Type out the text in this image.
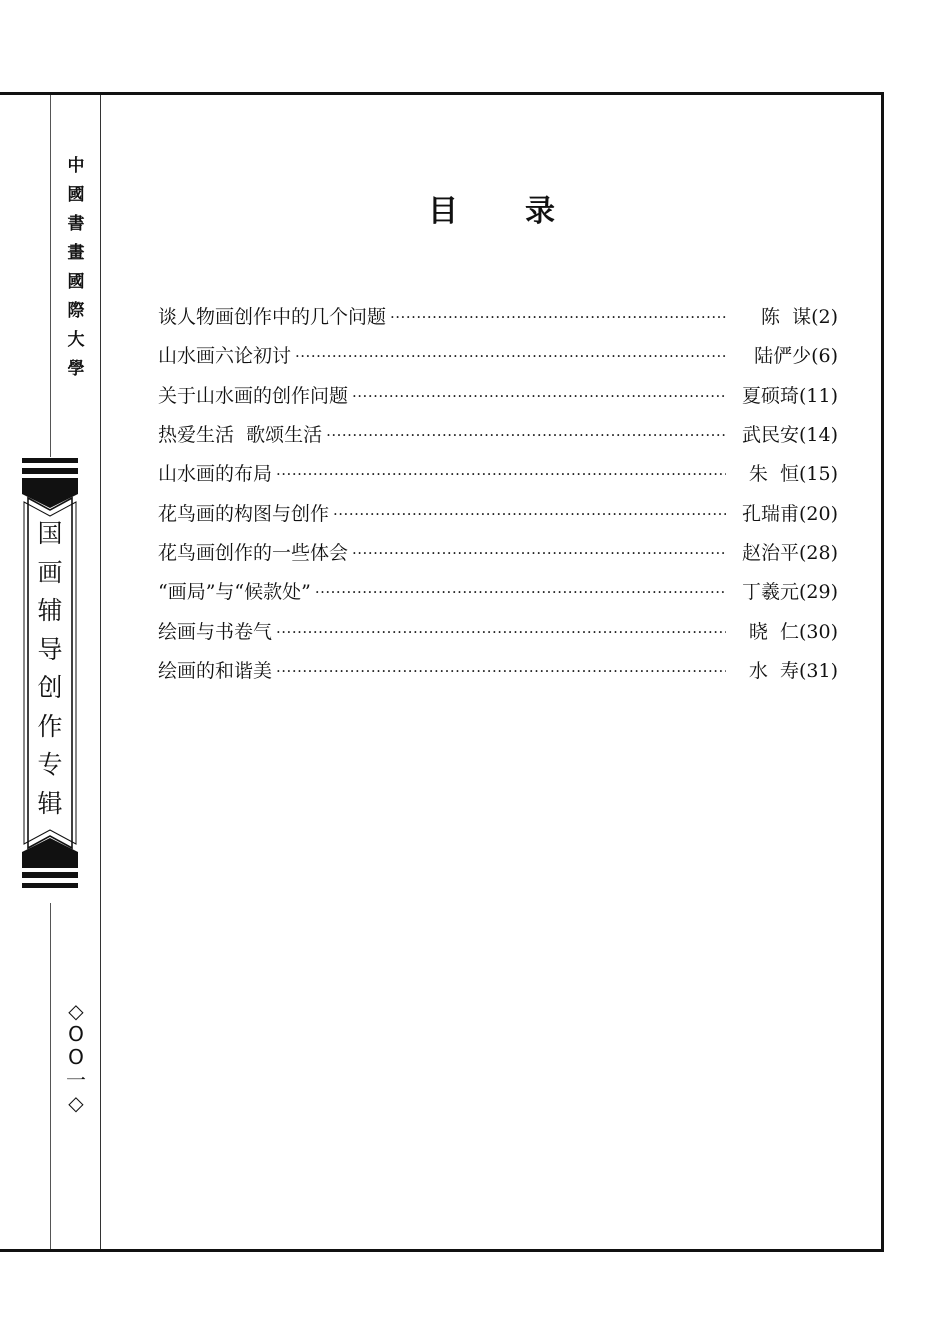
中
國
書
畫
國
際
大
學
国
画
辅
导
创
作
专
辑
◇
O
O
一
◇
目 录
谈人物画创作中的几个问题 ·····	陈  谋(2)
山水画六论初讨 ·····	陆俨少(6)
关于山水画的创作问题 ·····	夏硕琦(11)
热爱生活  歌颂生活 ·····	武民安(14)
山水画的布局 ·····	朱  恒(15)
花鸟画的构图与创作 ·····	孔瑞甫(20)
花鸟画创作的一些体会 ·····	赵治平(28)
“画局”与“候款处” ·····	丁羲元(29)
绘画与书卷气 ·····	晓  仁(30)
绘画的和谐美 ·····	水  寿(31)
